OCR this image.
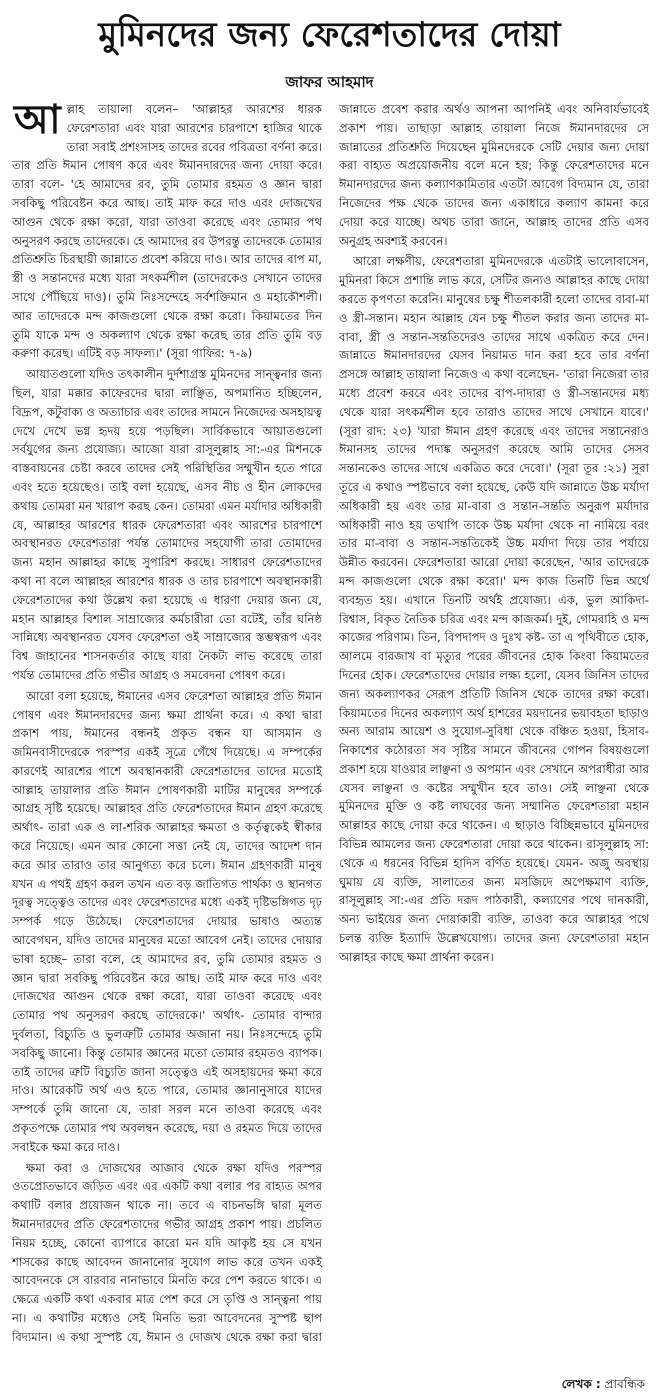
মুমিনদের জন্য ফেরেশতাদের দোয়া
জাফর আহমাদ

আল্লাহ তায়ালা বলেন– 'আল্লাহর আরশের ধারক ফেরেশতারা এবং যারা আরশের চারপাশে হাজির থাকে তারা সবাই প্রশংসাসহ তাদের রবের পবিত্রতা বর্ণনা করে। তার প্রতি ঈমান পোষণ করে এবং ঈমানদারদের জন্য দোয়া করে। তারা বলে- 'হে আমাদের রব, তুমি তোমার রহমত ও জ্ঞান দ্বারা সবকিছু পরিবেষ্টন করে আছ। তাই মাফ করে দাও এবং দোজখের আগুন থেকে রক্ষা করো, যারা তাওবা করেছে এবং তোমার পথ অনুসরণ করছে তাদেরকে। হে আমাদের রব উপরন্তু তাদেরকে তোমার প্রতিশ্রুতি চিরস্থায়ী জান্নাতে প্রবেশ করিয়ে দাও। আর তাদের বাপ মা, স্ত্রী ও সন্তানদের মধ্যে যারা সৎকর্মশীল (তাদেরকেও সেখানে তাদের সাথে পৌঁছিয়ে দাও)। তুমি নিঃসন্দেহে সর্বশক্তিমান ও মহাকৌশলী। আর তাদেরকে মন্দ কাজগুলো থেকে রক্ষা করো। কিয়ামতের দিন তুমি যাকে মন্দ ও অকল্যাণ থেকে রক্ষা করেছ তার প্রতি তুমি বড় করুণা করেছ। এটিই বড় সাফল্য।' (সূরা গাফির: ৭-৯)

আয়াতগুলো যদিও তৎকালীন দুর্দশাগ্রস্ত মুমিনদের সান্ত্বনার জন্য ছিল, যারা মক্কার কাফেরদের দ্বারা লাঞ্ছিত, অপমানিত হচ্ছিলেন, বিদ্রূপ, কটুবাক্য ও অত্যাচার এবং তাদের সামনে নিজেদের অসহায়ত্ব দেখে দেখে ভগ্ন হৃদয় হয়ে পড়ছিল। সার্বিকভাবে আয়াতগুলো সর্বযুগের জন্য প্রযোজ্য। আজো যারা রাসূলুল্লাহ সা:-এর মিশনকে বাস্তবায়নের চেষ্টা করবে তাদের সেই পরিস্থিতির সম্মুখীন হতে পারে এবং হতে হয়েছেও। তাই বলা হয়েছে, এসব নীচ ও হীন লোকদের কথায় তোমরা মন খারাপ করছ কেন। তোমরা এমন মর্যাদার অধিকারী যে, আল্লাহর আরশের ধারক ফেরেশতারা এবং আরশের চারপাশে অবস্থানরত ফেরেশতারা পর্যন্ত তোমাদের সহযোগী তারা তোমাদের জন্য মহান আল্লাহর কাছে সুপারিশ করছে। সাধারণ ফেরেশতাদের কথা না বলে আল্লাহর আরশের ধারক ও তার চারপাশে অবস্থানকারী ফেরেশতাদের কথা উল্লেখ করা হয়েছে এ ধারণা দেয়ার জন্য যে, মহান আল্লাহর বিশাল সাম্রাজ্যের কর্মচারীরা তো বটেই, তাঁর ঘনিষ্ঠ সান্নিধ্যে অবস্থানরত যেসব ফেরেশতা ওই সাম্রাজ্যের স্তম্ভস্বরূপ এবং বিশ্ব জাহানের শাসনকর্তার কাছে যারা নৈকট্য লাভ করেছে তারা পর্যন্ত তোমাদের প্রতি গভীর আগ্রহ ও সমবেদনা পোষণ করে।

আরো বলা হয়েছে, ঈমানের এসব ফেরেশতা আল্লাহর প্রতি ঈমান পোষণ এবং ঈমানদারদের জন্য ক্ষমা প্রার্থনা করে। এ কথা দ্বারা প্রকাশ পায়, ঈমানের বন্ধনই প্রকৃত বন্ধন যা আসমান ও জমিনবাসীদেরকে পরস্পর একই সূত্রে গেঁথে দিয়েছে। এ সম্পর্কের কারণেই আরশের পাশে অবস্থানকারী ফেরেশতাদের তাদের মতোই আল্লাহ তায়ালার প্রতি ঈমান পোষণকারী মাটির মানুষের সম্পর্কে আগ্রহ সৃষ্টি হয়েছে। আল্লাহর প্রতি ফেরেশতাদের ঈমান গ্রহণ করেছে অর্থাৎ- তারা এক ও লা-শরিক আল্লাহর ক্ষমতা ও কর্তৃত্বকেই স্বীকার করে নিয়েছে। এমন আর কোনো সত্তা নেই যে, তাদের আদেশ দান করে আর তারাও তার আনুগত্য করে চলে। ঈমান গ্রহণকারী মানুষ যখন এ পথই গ্রহণ করল তখন এত বড় জাতিগত পার্থক্য ও স্থানগত দূরত্ব সত্ত্বেও তাদের এবং ফেরেশতাদের মধ্যে একই দৃষ্টিভঙ্গিগত দৃঢ় সম্পর্ক গড়ে উঠেছে। ফেরেশতাদের দোয়ার ভাষাও অত্যন্ত আবেগঘন, যদিও তাদের মানুষের মতো আবেগ নেই। তাদের দোয়ার ভাষা হচ্ছে– তারা বলে, হে আমাদের রব, তুমি তোমার রহমত ও জ্ঞান দ্বারা সবকিছু পরিবেষ্টন করে আছ। তাই মাফ করে দাও এবং দোজখের আগুন থেকে রক্ষা করো, যারা তাওবা করেছে এবং তোমার পথ অনুসরণ করছে তাদেরকে।' অর্থাৎ- তোমার বান্দার দুর্বলতা, বিচ্যুতি ও ভুলত্রুটি তোমার অজানা নয়। নিঃসন্দেহে তুমি সবকিছু জানো। কিন্তু তোমার জ্ঞানের মতো তোমার রহমতও ব্যাপক। তাই তাদের ত্রুটি বিচ্যুতি জানা সত্ত্বেও এই অসহায়দের ক্ষমা করে দাও। আরেকটি অর্থ এও হতে পারে, তোমার জ্ঞানানুসারে যাদের সম্পর্কে তুমি জানো যে, তারা সরল মনে তাওবা করেছে এবং প্রকৃতপক্ষে তোমার পথ অবলম্বন করেছে, দয়া ও রহমত দিয়ে তাদের সবাইকে ক্ষমা করে দাও।

ক্ষমা করা ও দোজখের আজাব থেকে রক্ষা যদিও পরস্পর ওতপ্রোতভাবে জড়িত এবং এর একটি কথা বলার পর বাহ্যত অপর কথাটি বলার প্রয়োজন থাকে না। তবে এ বাচনভঙ্গি দ্বারা মূলত ঈমানদারদের প্রতি ফেরেশতাদের গভীর আগ্রহ প্রকাশ পায়। প্রচলিত নিয়ম হচ্ছে, কোনো ব্যাপারে কারো মন যদি আকৃষ্ট হয় সে যখন শাসকের কাছে আবেদন জানানোর সুযোগ লাভ করে তখন একই আবেদনকে সে বারবার নানাভাবে মিনতি করে পেশ করতে থাকে। এ ক্ষেত্রে একটি কথা একবার মাত্র পেশ করে সে তৃপ্তি ও সান্ত্বনা পায় না। এ কথাটির মধ্যেও সেই মিনতি ভরা আবেদনের সুস্পষ্ট ছাপ বিদ্যমান। এ কথা সুস্পষ্ট যে, ঈমান ও দোজখ থেকে রক্ষা করা দ্বারা জান্নাতে প্রবেশ করার অর্থও আপনা আপনিই এবং অনিবার্যভাবেই প্রকাশ পায়। তাছাড়া আল্লাহ তায়ালা নিজে ঈমানদারদের সে জান্নাতের প্রতিশ্রুতি দিয়েছেন মুমিনদেরকে সেটি দেয়ার জন্য দোয়া করা বাহ্যত অপ্রয়োজনীয় বলে মনে হয়; কিন্তু ফেরেশতাদের মনে ঈমানদারদের জন্য কল্যাণকামিতার এতটা আবেগ বিদ্যমান যে, তারা নিজেদের পক্ষ থেকে তাদের জন্য একাধারে কল্যাণ কামনা করে দোয়া করে যাচ্ছে। অথচ তারা জানে, আল্লাহ তাদের প্রতি এসব অনুগ্রহ অবশ্যই করবেন।

আরো লক্ষণীয়, ফেরেশতারা মুমিনদেরকে এতটাই ভালোবাসেন, মুমিনরা কিসে প্রশান্তি লাভ করে, সেটির জন্যও আল্লাহর কাছে দোয়া করতে কৃপণতা করেনি। মানুষের চক্ষু শীতলকারী হলো তাদের বাবা-মা ও স্ত্রী-সন্তান। মহান আল্লাহ যেন চক্ষু শীতল করার জন্য তাদের মা-বাবা, স্ত্রী ও সন্তান-সন্ততিদেরও তাদের সাথে একত্রিত করে দেন। জান্নাতে ঈমানদারদের যেসব নিয়ামত দান করা হবে তার বর্ণনা প্রসঙ্গে আল্লাহ তায়ালা নিজেও এ কথা বলেছেন- 'তারা নিজেরা তার মধ্যে প্রবেশ করবে এবং তাদের বাপ-দাদারা ও স্ত্রী-সন্তানদের মধ্য থেকে যারা সৎকর্মশীল হবে তারাও তাদের সাথে সেখানে যাবে।' (সূরা রাদ: ২৩) 'যারা ঈমান গ্রহণ করেছে এবং তাদের সন্তানেরাও ঈমানসহ তাদের পদাঙ্ক অনুসরণ করেছে আমি তাদের সেসব সন্তানকেও তাদের সাথে একত্রিত করে দেবো।' (সূরা তূর :২১) সূরা তূরে এ কথাও স্পষ্টভাবে বলা হয়েছে, কেউ যদি জান্নাতে উচ্চ মর্যাদা অধিকারী হয় এবং তার মা-বাবা ও সন্তান-সন্ততি অনুরূপ মর্যাদার অধিকারী নাও হয় তথাপি তাকে উচ্চ মর্যাদা থেকে না নামিয়ে বরং তার মা-বাবা ও সন্তান-সন্ততিকেই উচ্চ মর্যাদা দিয়ে তার পর্যায়ে উন্নীত করবেন। ফেরেশতারা আরো দোয়া করেছেন, 'আর তাদেরকে মন্দ কাজগুলো থেকে রক্ষা করো।' মন্দ কাজ তিনটি ভিন্ন অর্থে ব্যবহৃত হয়। এখানে তিনটি অর্থই প্রযোজ্য। এক, ভুল আকিদা-বিশ্বাস, বিকৃত নৈতিক চরিত্র এবং মন্দ কাজকর্ম। দুই, গোমরাহি ও মন্দ কাজের পরিণাম। তিন, বিপদাপদ ও দুঃখ কষ্ট- তা এ পৃথিবীতে হোক, আলমে বারজাখ বা মৃত্যুর পরের জীবনের হোক কিংবা কিয়ামতের দিনের হোক। ফেরেশতাদের দোয়ার লক্ষ্য হলো, যেসব জিনিস তাদের জন্য অকল্যাণকর সেরূপ প্রতিটি জিনিস থেকে তাদের রক্ষা করো। কিয়ামতের দিনের অকল্যাণ অর্থ হাশরের ময়দানের ভয়াবহতা ছাড়াও অন্য আরাম আয়েশ ও সুযোগ-সুবিধা থেকে বঞ্চিত হওয়া, হিসাব-নিকাশের কঠোরতা সব সৃষ্টির সামনে জীবনের গোপন বিষয়গুলো প্রকাশ হয়ে যাওয়ার লাঞ্ছনা ও অপমান এবং সেখানে অপরাধীরা আর যেসব লাঞ্ছনা ও কষ্টের সম্মুখীন হবে তাও। সেই লাঞ্ছনা থেকে মুমিনদের মুক্তি ও কষ্ট লাঘবের জন্য সম্মানিত ফেরেশতারা মহান আল্লাহর কাছে দোয়া করে থাকেন। এ ছাড়াও বিচ্ছিন্নভাবে মুমিনদের বিভিন্ন আমলের জন্য ফেরেশতারা দোয়া করে থাকেন। রাসূলুল্লাহ সা: থেকে এ ধরনের বিভিন্ন হাদিস বর্ণিত হয়েছে। যেমন- অজু অবস্থায় ঘুমায় যে ব্যক্তি, সালাতের জন্য মসজিদে অপেক্ষমাণ ব্যক্তি, রাসূলুল্লাহ সা:-এর প্রতি দরূদ পাঠকারী, কল্যাণের পথে দানকারী, অন্য ভাইয়ের জন্য দোয়াকারী ব্যক্তি, তাওবা করে আল্লাহর পথে চলন্ত ব্যক্তি ইত্যাদি উল্লেখযোগ্য। তাদের জন্য ফেরেশতারা মহান আল্লাহর কাছে ক্ষমা প্রার্থনা করেন।

লেখক : প্রাবন্ধিক
